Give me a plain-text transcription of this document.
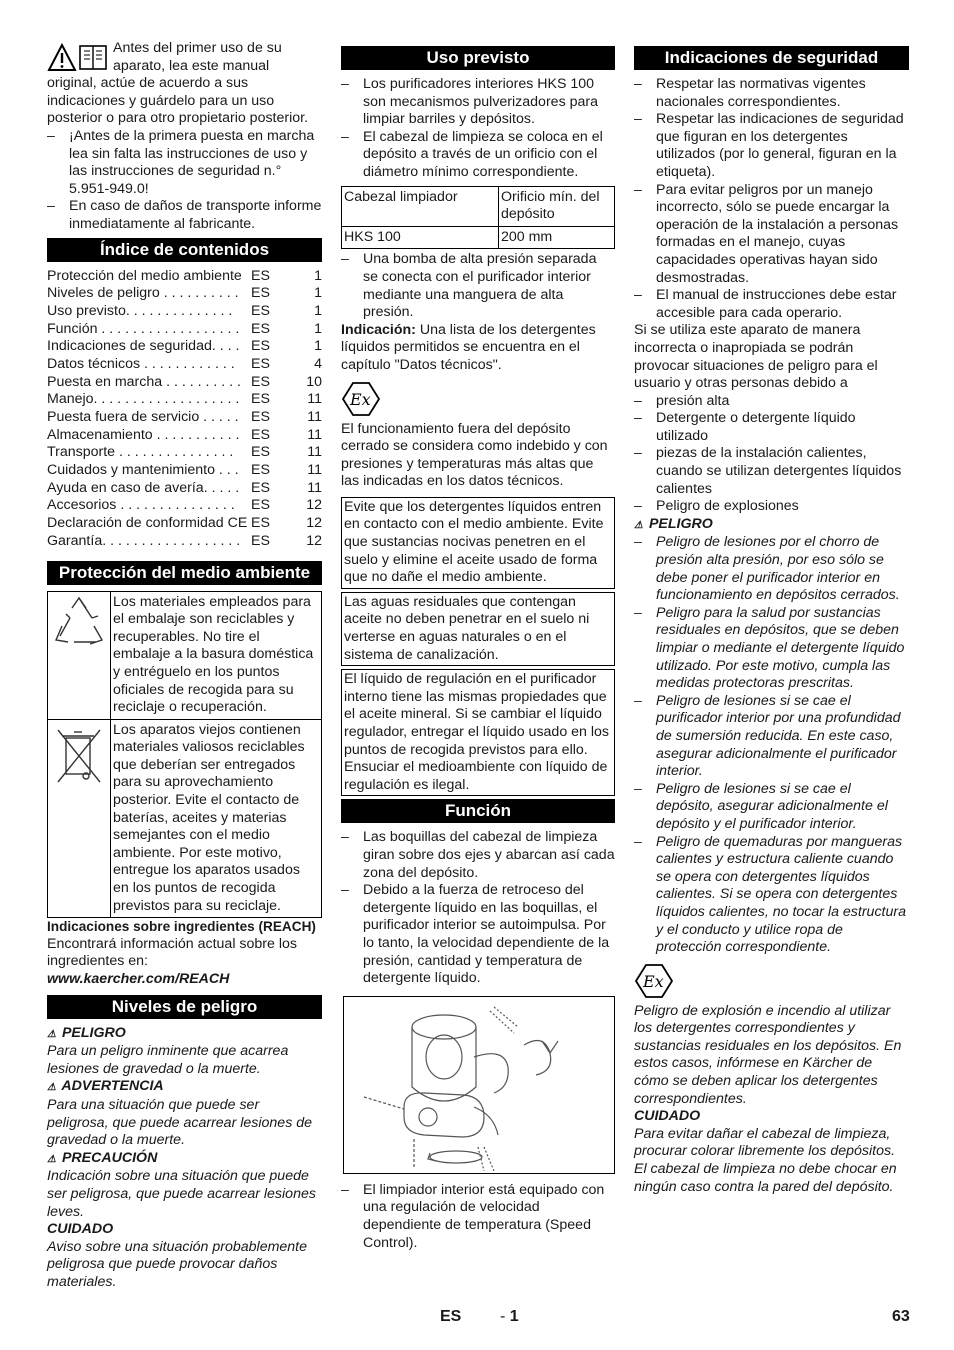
Antes del primer uso de su aparato, lea este manual original, actúe de acuerdo a sus indicaciones y guárdelo para un uso posterior o para otro propietario posterior.

– ¡Antes de la primera puesta en marcha lea sin falta las instrucciones de uso y las instrucciones de seguridad n.° 5.951-949.0!
– En caso de daños de transporte informe inmediatamente al fabricante.
Índice de contenidos
Protección del medio ambiente ES	1
Niveles de peligro . . . . . . . . . . ES	1
Uso previsto. . . . . . . . . . . . . .	ES	1
Función . . . . . . . . . . . . . . . . . . ES	1
Indicaciones de seguridad. . . . ES	1
Datos técnicos . . . . . . . . . . . .	ES	4
Puesta en marcha . . . . . . . . . . ES	10
Manejo. . . . . . . . . . . . . . . . . . . ES	11
Puesta fuera de servicio . . . . . ES	11
Almacenamiento . . . . . . . . . . . ES	11
Transporte . . . . . . . . . . . . . . .	ES	11
Cuidados y mantenimiento . . . ES	11
Ayuda en caso de avería. . . . . ES	11
Accesorios . . . . . . . . . . . . . . .	ES	12
Declaración de conformidad CE ES	12
Garantía. . . . . . . . . . . . . . . . . . ES	12
Protección del medio ambiente
	Los materiales empleados para el embalaje son reciclables y recuperables. No tire el embalaje a la basura doméstica y entréguelo en los puntos oficiales de recogida para su reciclaje o recuperación.
	Los aparatos viejos contienen materiales valiosos reciclables que deberían ser entregados para su aprovechamiento posterior. Evite el contacto de baterías, aceites y materias semejantes con el medio ambiente. Por este motivo, entregue los aparatos usados en los puntos de recogida previstos para su reciclaje.

Indicaciones sobre ingredientes (REACH)

Encontrará información actual sobre los ingredientes en:

www.kaercher.com/REACH

Niveles de peligro

⚠ PELIGRO

Para un peligro inminente que acarrea lesiones de gravedad o la muerte.

⚠ ADVERTENCIA

Para una situación que puede ser peligrosa, que puede acarrear lesiones de gravedad o la muerte.

⚠ PRECAUCIÓN

Indicación sobre una situación que puede ser peligrosa, que puede acarrear lesiones leves.

CUIDADO

Aviso sobre una situación probablemente peligrosa que puede provocar daños materiales.

Uso previsto
– Los purificadores interiores HKS 100 son mecanismos pulverizadores para limpiar barriles y depósitos.
– El cabezal de limpieza se coloca en el depósito a través de un orificio con el diámetro mínimo correspondiente.
Cabezal limpiador	Orificio mín. del depósito
HKS 100	200 mm
– Una bomba de alta presión separada se conecta con el purificador interior mediante una manguera de alta presión.

Indicación: Una lista de los detergentes líquidos permitidos se encuentra en el capítulo "Datos técnicos".

Ex

El funcionamiento fuera del depósito cerrado se considera como indebido y con presiones y temperaturas más altas que las indicadas en los datos técnicos.

Evite que los detergentes líquidos entren en contacto con el medio ambiente. Evite que sustancias nocivas penetren en el suelo y elimine el aceite usado de forma que no dañe el medio ambiente.
Las aguas residuales que contengan aceite no deben penetrar en el suelo ni verterse en aguas naturales o en el sistema de canalización.
El líquido de regulación en el purificador interno tiene las mismas propiedades que el aceite mineral. Si se cambiar el líquido regulador, entregar el líquido usado en los puntos de recogida previstos para ello. Ensuciar el medioambiente con líquido de regulación es ilegal.
Función
– Las boquillas del cabezal de limpieza giran sobre dos ejes y abarcan así cada zona del depósito.
– Debido a la fuerza de retroceso del detergente líquido en las boquillas, el purificador interior se autoimpulsa. Por lo tanto, la velocidad dependiente de la presión, cantidad y temperatura de detergente líquido.
– El limpiador interior está equipado con una regulación de velocidad dependiente de temperatura (Speed Control).
Indicaciones de seguridad
– Respetar las normativas vigentes nacionales correspondientes.
– Respetar las indicaciones de seguridad que figuran en los detergentes utilizados (por lo general, figuran en la etiqueta).
– Para evitar peligros por un manejo incorrecto, sólo se puede encargar la operación de la instalación a personas formadas en el manejo, cuyas capacidades operativas hayan sido desmostradas.
– El manual de instrucciones debe estar accesible para cada operario.

Si se utiliza este aparato de manera incorrecta o inapropiada se podrán provocar situaciones de peligro para el usuario y otras personas debido a

– presión alta
– Detergente o detergente líquido utilizado
– piezas de la instalación calientes, cuando se utilizan detergentes líquidos calientes
– Peligro de explosiones

⚠ PELIGRO

– Peligro de lesiones por el chorro de presión alta presión, por eso sólo se debe poner el purificador interior en funcionamiento en depósitos cerrados.
– Peligro para la salud por sustancias residuales en depósitos, que se deben limpiar o mediante el detergente líquido utilizado. Por este motivo, cumpla las medidas protectoras prescritas.
– Peligro de lesiones si se cae el purificador interior por una profundidad de sumersión reducida. En este caso, asegurar adicionalmente el purificador interior.
– Peligro de lesiones si se cae el depósito, asegurar adicionalmente el depósito y el purificador interior.
– Peligro de quemaduras por mangueras calientes y estructura caliente cuando se opera con detergentes líquidos calientes. Si se opera con detergentes líquidos calientes, no tocar la estructura y el conducto y utilice ropa de protección correspondiente.
Ex

Peligro de explosión e incendio al utilizar los detergentes correspondientes y sustancias residuales en los depósitos. En estos casos, infórmese en Kärcher de cómo se deben aplicar los detergentes correspondientes.

CUIDADO

Para evitar dañar el cabezal de limpieza, procurar colorar libremente los depósitos. El cabezal de limpieza no debe chocar en ningún caso contra la pared del depósito.

ES - 1	63
